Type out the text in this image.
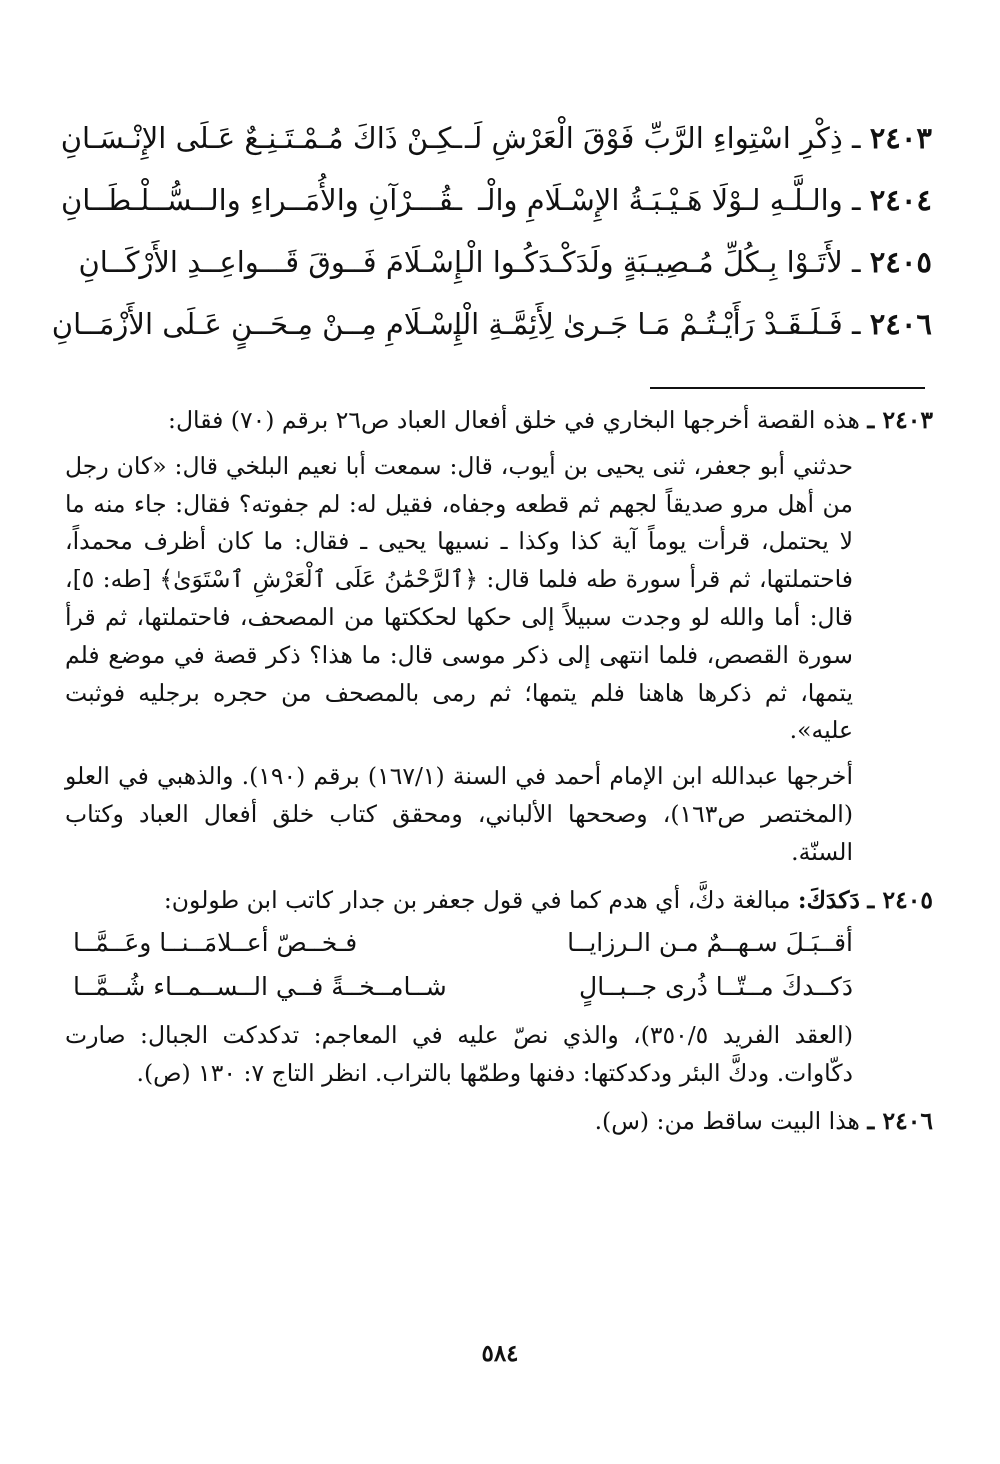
٢٤٠٣ ـ ذِكْرِ اسْتِواءِ الرَّبِّ فَوْقَ الْعَرْشِ لَـ
ـكِـنْ ذَاكَ مُـمْـتَـنِـعٌ عَـلَى الإِنْـسَـانِ
٢٤٠٤ ـ والـلَّـهِ لـوْلَا هَـيْـبَـةُ الإِسْـلَامِ والْـ
ـقُـــرْآنِ والأُمَــراءِ والــسُّــلْـطَــانِ
٢٤٠٥ ـ لأَتَـوْا بِـكُلِّ مُـصِيـبَةٍ ولَدَكْـدَكُـوا الْـ
إِسْـلَامَ فَــوقَ قَـــواعِــدِ الأَرْكَــانِ
٢٤٠٦ ـ فَـلَـقَـدْ رَأَيْـتُـمْ مَـا جَـرىٰ لِأَئِمَّـةِ الْـ
إِسْـلَامِ مِــنْ مِـحَــنٍ عَـلَى الأَزْمَــانِ

٢٤٠٣ ـ هذه القصة أخرجها البخاري في خلق أفعال العباد ص٢٦ برقم (٧٠) فقال:

حدثني أبو جعفر، ثنى يحيى بن أيوب، قال: سمعت أبا نعيم البلخي قال: «كان رجل من أهل مرو صديقاً لجهم ثم قطعه وجفاه، فقيل له: لم جفوته؟ فقال: جاء منه ما لا يحتمل، قرأت يوماً آية كذا وكذا ـ نسيها يحيى ـ فقال: ما كان أظرف محمداً، فاحتملتها، ثم قرأ سورة طه فلما قال: ﴿ٱلرَّحْمَٰنُ عَلَى ٱلْعَرْشِ ٱسْتَوَىٰ﴾ [طه: ٥]، قال: أما والله لو وجدت سبيلاً إلى حكها لحككتها من المصحف، فاحتملتها، ثم قرأ سورة القصص، فلما انتهى إلى ذكر موسى قال: ما هذا؟ ذكر قصة في موضع فلم يتمها، ثم ذكرها هاهنا فلم يتمها؛ ثم رمى بالمصحف من حجره برجليه فوثبت عليه».

أخرجها عبدالله ابن الإمام أحمد في السنة (١٦٧/١) برقم (١٩٠). والذهبي في العلو (المختصر ص١٦٣)، وصححها الألباني، ومحقق كتاب خلق أفعال العباد وكتاب السنّة.

٢٤٠٥ ـ دَكدَكَ: مبالغة دكَّ، أي هدم كما في قول جعفر بن جدار كاتب ابن طولون:

أقــبَـلَ سـهــمٌ مـن الـرزايــا
فـخــصّ أعــلامَــنــا وعَــمَّــا
دَكــدكَ مــتّــا ذُرى جــبــالٍ
شــامــخــةً فــي الــســمــاء شُــمَّــا

(العقد الفريد ٣٥٠/٥)، والذي نصّ عليه في المعاجم: تدكدكت الجبال: صارت دكّاوات. ودكَّ البئر ودكدكتها: دفنها وطمّها بالتراب. انظر التاج ٧: ١٣٠ (ص).

٢٤٠٦ ـ هذا البيت ساقط من: (س).

٥٨٤
